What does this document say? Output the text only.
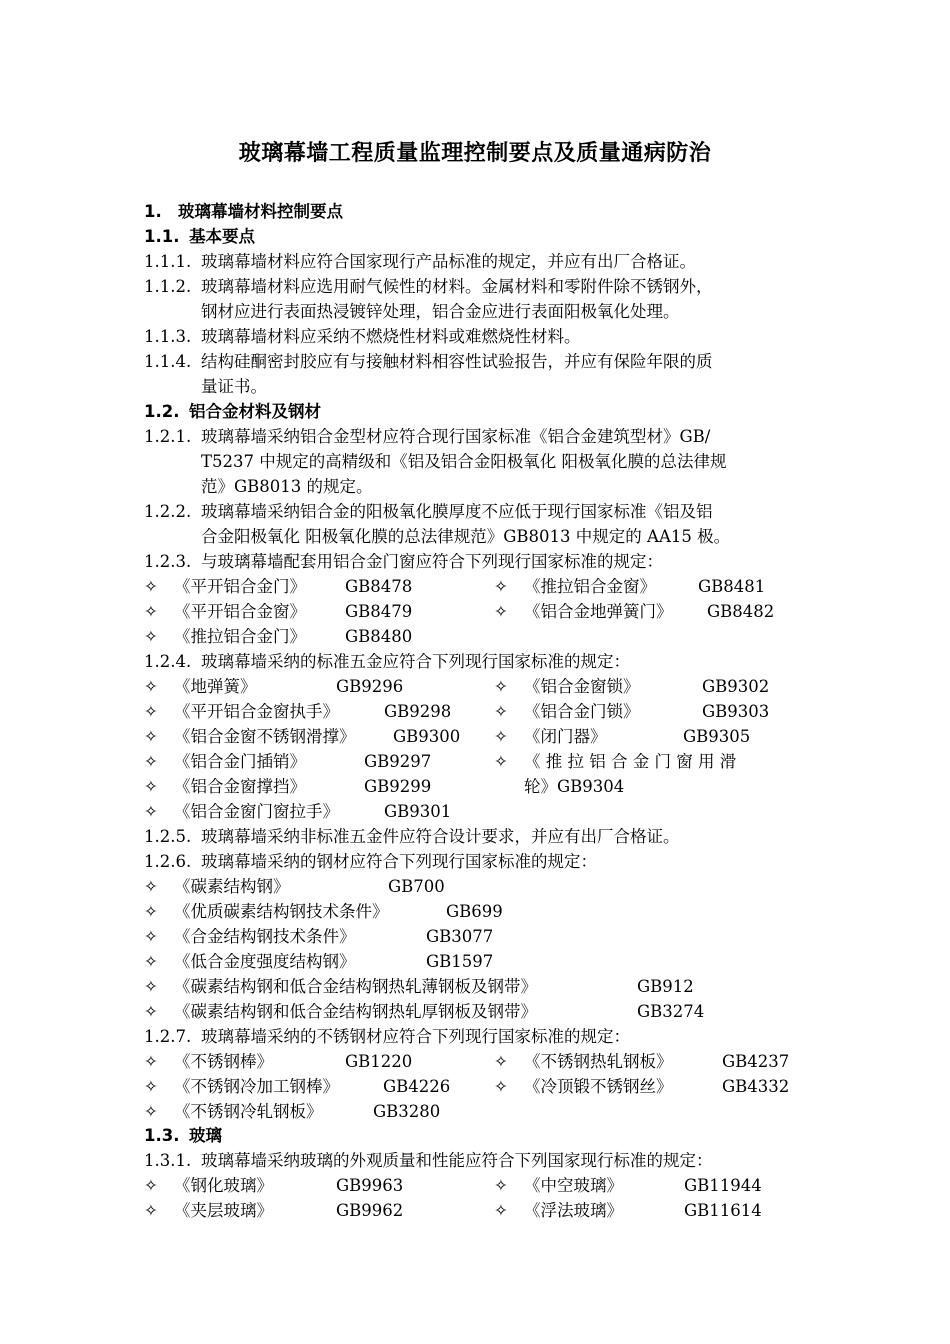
玻璃幕墙工程质量监理控制要点及质量通病防治
1. 玻璃幕墙材料控制要点
1.1. 基本要点
1.1.1. 玻璃幕墙材料应符合国家现行产品标准的规定，并应有出厂合格证。
1.1.2. 玻璃幕墙材料应选用耐气候性的材料。金属材料和零附件除不锈钢外，
钢材应进行表面热浸镀锌处理，铝合金应进行表面阳极氧化处理。
1.1.3. 玻璃幕墙材料应采纳不燃烧性材料或难燃烧性材料。
1.1.4. 结构硅酮密封胶应有与接触材料相容性试验报告，并应有保险年限的质
量证书。
1.2. 铝合金材料及钢材
1.2.1. 玻璃幕墙采纳铝合金型材应符合现行国家标准《铝合金建筑型材》GB/
T5237 中规定的高精级和《铝及铝合金阳极氧化 阳极氧化膜的总法律规
范》GB8013 的规定。
1.2.2. 玻璃幕墙采纳铝合金的阳极氧化膜厚度不应低于现行国家标准《铝及铝
合金阳极氧化 阳极氧化膜的总法律规范》GB8013 中规定的 AA15 极。
1.2.3. 与玻璃幕墙配套用铝合金门窗应符合下列现行国家标准的规定：
✧ 《平开铝合金门》 GB8478	✧ 《推拉铝合金窗》	GB8481
✧ 《平开铝合金窗》 GB8479	✧ 《铝合金地弹簧门》 GB8482
✧ 《推拉铝合金门》 GB8480
1.2.4. 玻璃幕墙采纳的标准五金应符合下列现行国家标准的规定：
✧ 《地弹簧》	GB9296	✧ 《铝合金窗锁》	GB9302
✧ 《平开铝合金窗执手》	GB9298	✧ 《铝合金门锁》	GB9303
✧ 《铝合金窗不锈钢滑撑》 GB9300 ✧ 《闭门器》	GB9305
✧ 《铝合金门插销》	GB9297	✧ 《 推 拉 铝 合 金 门 窗 用 滑
✧ 《铝合金窗撑挡》	GB9299	轮》GB9304
✧ 《铝合金窗门窗拉手》	GB9301
1.2.5. 玻璃幕墙采纳非标准五金件应符合设计要求，并应有出厂合格证。
1.2.6. 玻璃幕墙采纳的钢材应符合下列现行国家标准的规定：
✧ 《碳素结构钢》	GB700
✧ 《优质碳素结构钢技术条件》	GB699
✧ 《合金结构钢技术条件》	GB3077
✧ 《低合金度强度结构钢》	GB1597
✧ 《碳素结构钢和低合金结构钢热轧薄钢板及钢带》	GB912
✧ 《碳素结构钢和低合金结构钢热轧厚钢板及钢带》	GB3274
1.2.7. 玻璃幕墙采纳的不锈钢材应符合下列现行国家标准的规定：
✧ 《不锈钢棒》	GB1220	✧ 《不锈钢热轧钢板》	GB4237
✧ 《不锈钢冷加工钢棒》	GB4226	✧ 《冷顶锻不锈钢丝》	GB4332
✧ 《不锈钢冷轧钢板》	GB3280
1.3. 玻璃
1.3.1. 玻璃幕墙采纳玻璃的外观质量和性能应符合下列国家现行标准的规定：
✧ 《钢化玻璃》	GB9963	✧ 《中空玻璃》	GB11944
✧ 《夹层玻璃》	GB9962	✧ 《浮法玻璃》	GB11614
